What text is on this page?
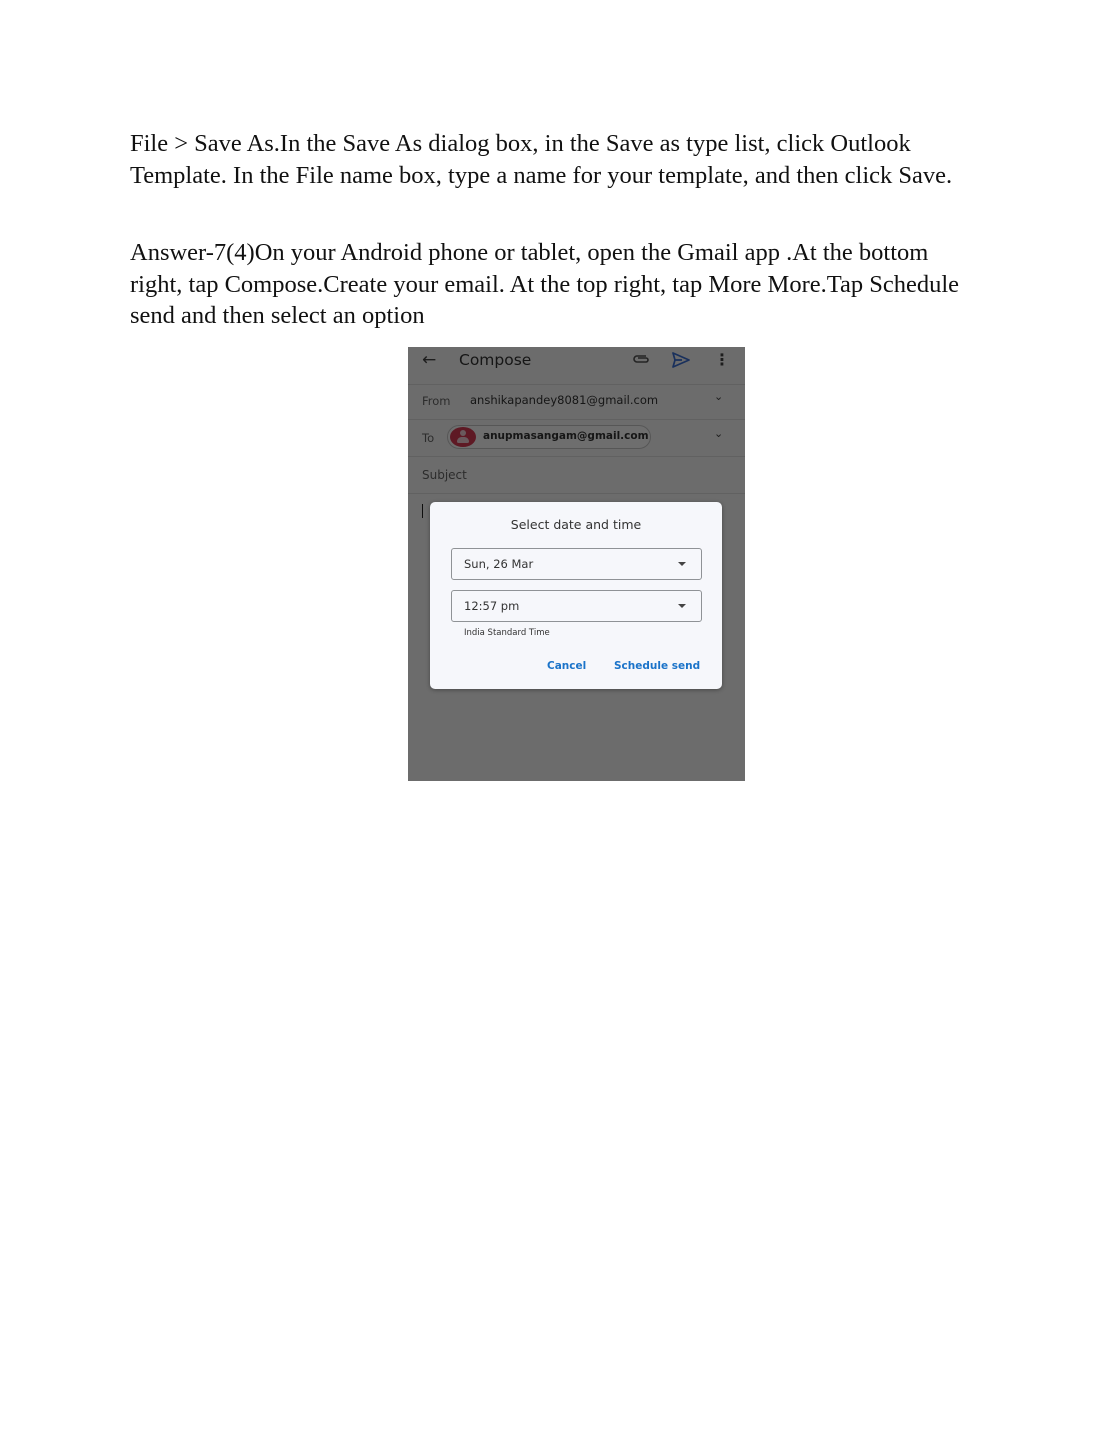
File > Save As.In the Save As dialog box, in the Save as type list, click Outlook Template. In the File name box, type a name for your template, and then click Save.

Answer-7(4)On your Android phone or tablet, open the Gmail app .At the bottom right, tap Compose.Create your email. At the top right, tap More More.Tap Schedule send and then select an option

Select date and time
Sun, 26 Mar
12:57 pm
India Standard Time
Cancel	Schedule send
